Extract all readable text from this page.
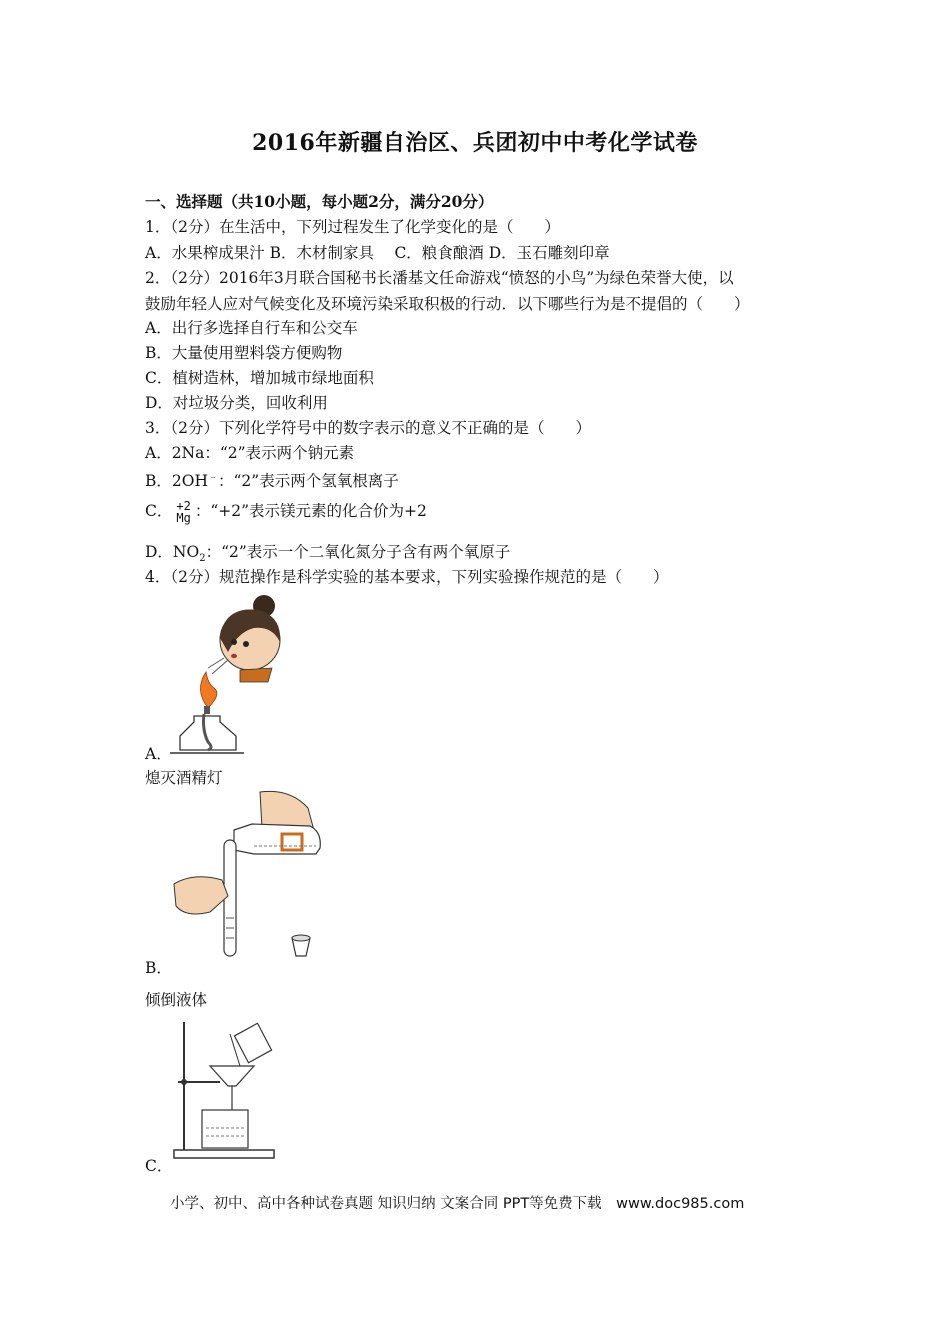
2016年新疆自治区、兵团初中中考化学试卷
一、选择题（共10小题，每小题2分，满分20分）
1．（2分）在生活中，下列过程发生了化学变化的是（　　）
A．水果榨成果汁 B．木材制家具　 C．粮食酿酒 D．玉石雕刻印章
2．（2分）2016年3月联合国秘书长潘基文任命游戏“愤怒的小鸟”为绿色荣誉大使，以
鼓励年轻人应对气候变化及环境污染采取积极的行动．以下哪些行为是不提倡的（　　）
A．出行多选择自行车和公交车
B．大量使用塑料袋方便购物
C．植树造林，增加城市绿地面积
D．对垃圾分类，回收利用
3．（2分）下列化学符号中的数字表示的意义不正确的是（　　）
A．2Na：“2”表示两个钠元素
B．2OH﹣：“2”表示两个氢氧根离子
C． +2
Mg ：“+2”表示镁元素的化合价为+2
D．$NO_2$：“2”表示一个二氧化氮分子含有两个氧原子
4．（2分）规范操作是科学实验的基本要求，下列实验操作规范的是（　　）
A．
熄灭酒精灯
B．
倾倒液体
C．
小学、初中、高中各种试卷真题 知识归纳 文案合同 PPT等免费下载　www.doc985.com
